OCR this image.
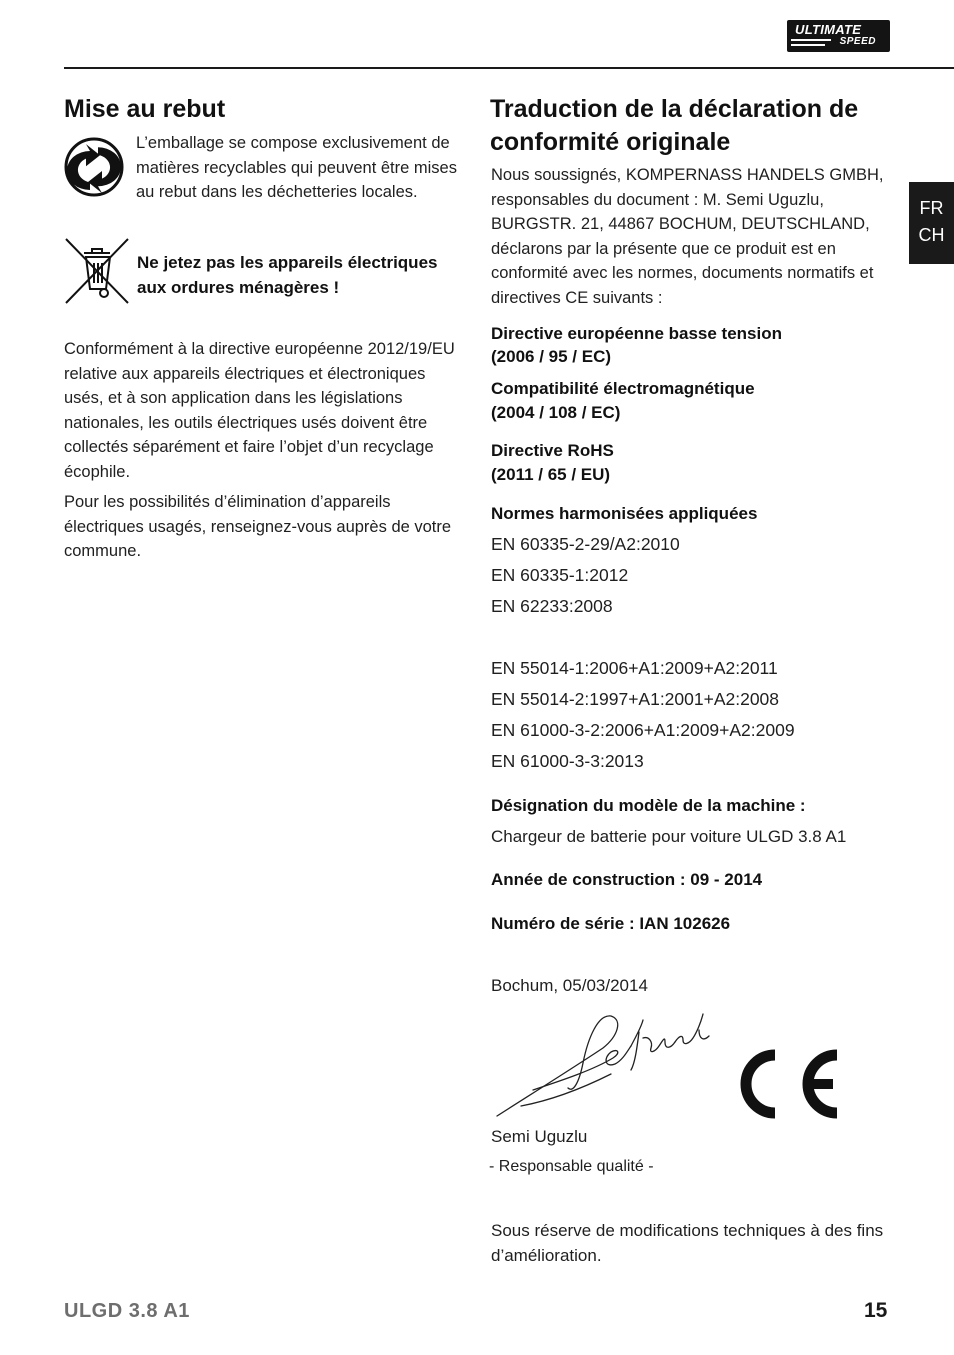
ULTIMATE
SPEED
FR
CH
Mise au rebut
L’emballage se compose exclusivement de matières recyclables qui peuvent être mises au rebut dans les déchetteries locales.
Ne jetez pas les appareils électriques aux ordures ménagères !
Conformément à la directive européenne 2012/19/EU relative aux appareils électriques et électroniques usés, et à son application dans les législations nationales, les outils électriques usés doivent être collectés séparément et faire l’objet d’un recyclage écophile.
Pour les possibilités d’élimination d’appareils électriques usagés, renseignez-vous auprès de votre commune.
Traduction de la déclaration de conformité originale
Nous soussignés, KOMPERNASS HANDELS GMBH, responsables du document : M. Semi Uguzlu, BURGSTR. 21, 44867 BOCHUM, DEUTSCHLAND, déclarons par la présente que ce produit est en conformité avec les normes, documents normatifs et directives CE suivants :
Directive européenne basse tension
(2006 / 95 / EC)
Compatibilité électromagnétique
(2004 / 108 / EC)
Directive RoHS
(2011 / 65 / EU)
Normes harmonisées appliquées
EN 60335-2-29/A2:2010
EN 60335-1:2012
EN 62233:2008
EN 55014-1:2006+A1:2009+A2:2011
EN 55014-2:1997+A1:2001+A2:2008
EN 61000-3-2:2006+A1:2009+A2:2009
EN 61000-3-3:2013
Désignation du modèle de la machine :
Chargeur de batterie pour voiture ULGD 3.8 A1
Année de construction : 09 - 2014
Numéro de série : IAN 102626
Bochum, 05/03/2014
Semi Uguzlu
- Responsable qualité -
Sous réserve de modifications techniques à des fins d’amélioration.
ULGD 3.8 A1	15
